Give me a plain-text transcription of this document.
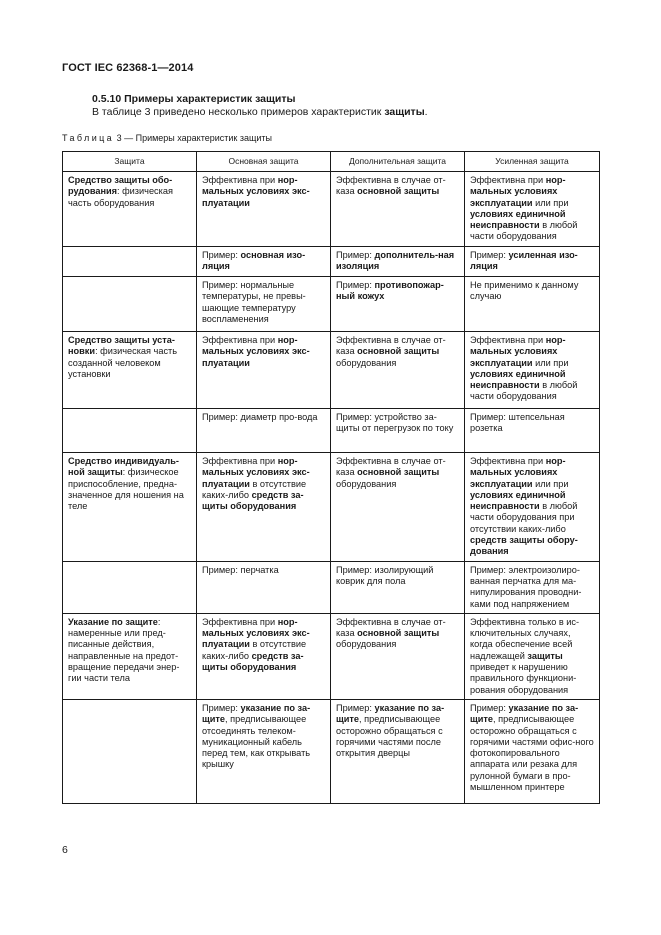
ГОСТ IEC 62368-1—2014
0.5.10 Примеры характеристик защиты
В таблице 3 приведено несколько примеров характеристик защиты.
Таблица 3 — Примеры характеристик защиты
Защита	Основная защита	Дополнительная защита	Усиленная защита
Средство защиты обо-рудования: физическая часть оборудования	Эффективна при нор-мальных условиях экс-плуатации	Эффективна в случае от-каза основной защиты	Эффективна при нор-мальных условиях эксплуатации или при условиях единичной неисправности в любой части оборудования
	Пример: основная изо-ляция	Пример: дополнитель-ная изоляция	Пример: усиленная изо-ляция
	Пример: нормальные температуры, не превы-шающие температуру воспламенения	Пример: противопожар-ный кожух	Не применимо к данному случаю
Средство защиты уста-новки: физическая часть созданной человеком установки	Эффективна при нор-мальных условиях экс-плуатации	Эффективна в случае от-каза основной защиты оборудования	Эффективна при нор-мальных условиях эксплуатации или при условиях единичной неисправности в любой части оборудования
	Пример: диаметр про-вода	Пример: устройство за-щиты от перегрузок по току	Пример: штепсельная розетка
Средство индивидуаль-ной защиты: физическое приспособление, предна-значенное для ношения на теле	Эффективна при нор-мальных условиях экс-плуатации в отсутствие каких-либо средств за-щиты оборудования	Эффективна в случае от-каза основной защиты оборудования	Эффективна при нор-мальных условиях эксплуатации или при условиях единичной неисправности в любой части оборудования при отсутствии каких-либо средств защиты обору-дования
	Пример: перчатка	Пример: изолирующий коврик для пола	Пример: электроизолиро-ванная перчатка для ма-нипулирования проводни-ками под напряжением
Указание по защите: намеренные или пред-писанные действия, направленные на предот-вращение передачи энер-гии части тела	Эффективна при нор-мальных условиях экс-плуатации в отсутствие каких-либо средств за-щиты оборудования	Эффективна в случае от-каза основной защиты оборудования	Эффективна только в ис-ключительных случаях, когда обеспечение всей надлежащей защиты приведет к нарушению правильного функциони-рования оборудования
	Пример: указание по за-щите, предписывающее отсоединять телеком-муникационный кабель перед тем, как открывать крышку	Пример: указание по за-щите, предписывающее осторожно обращаться с горячими частями после открытия дверцы	Пример: указание по за-щите, предписывающее осторожно обращаться с горячими частями офис-ного фотокопировального аппарата или резака для рулонной бумаги в про-мышленном принтере
6
